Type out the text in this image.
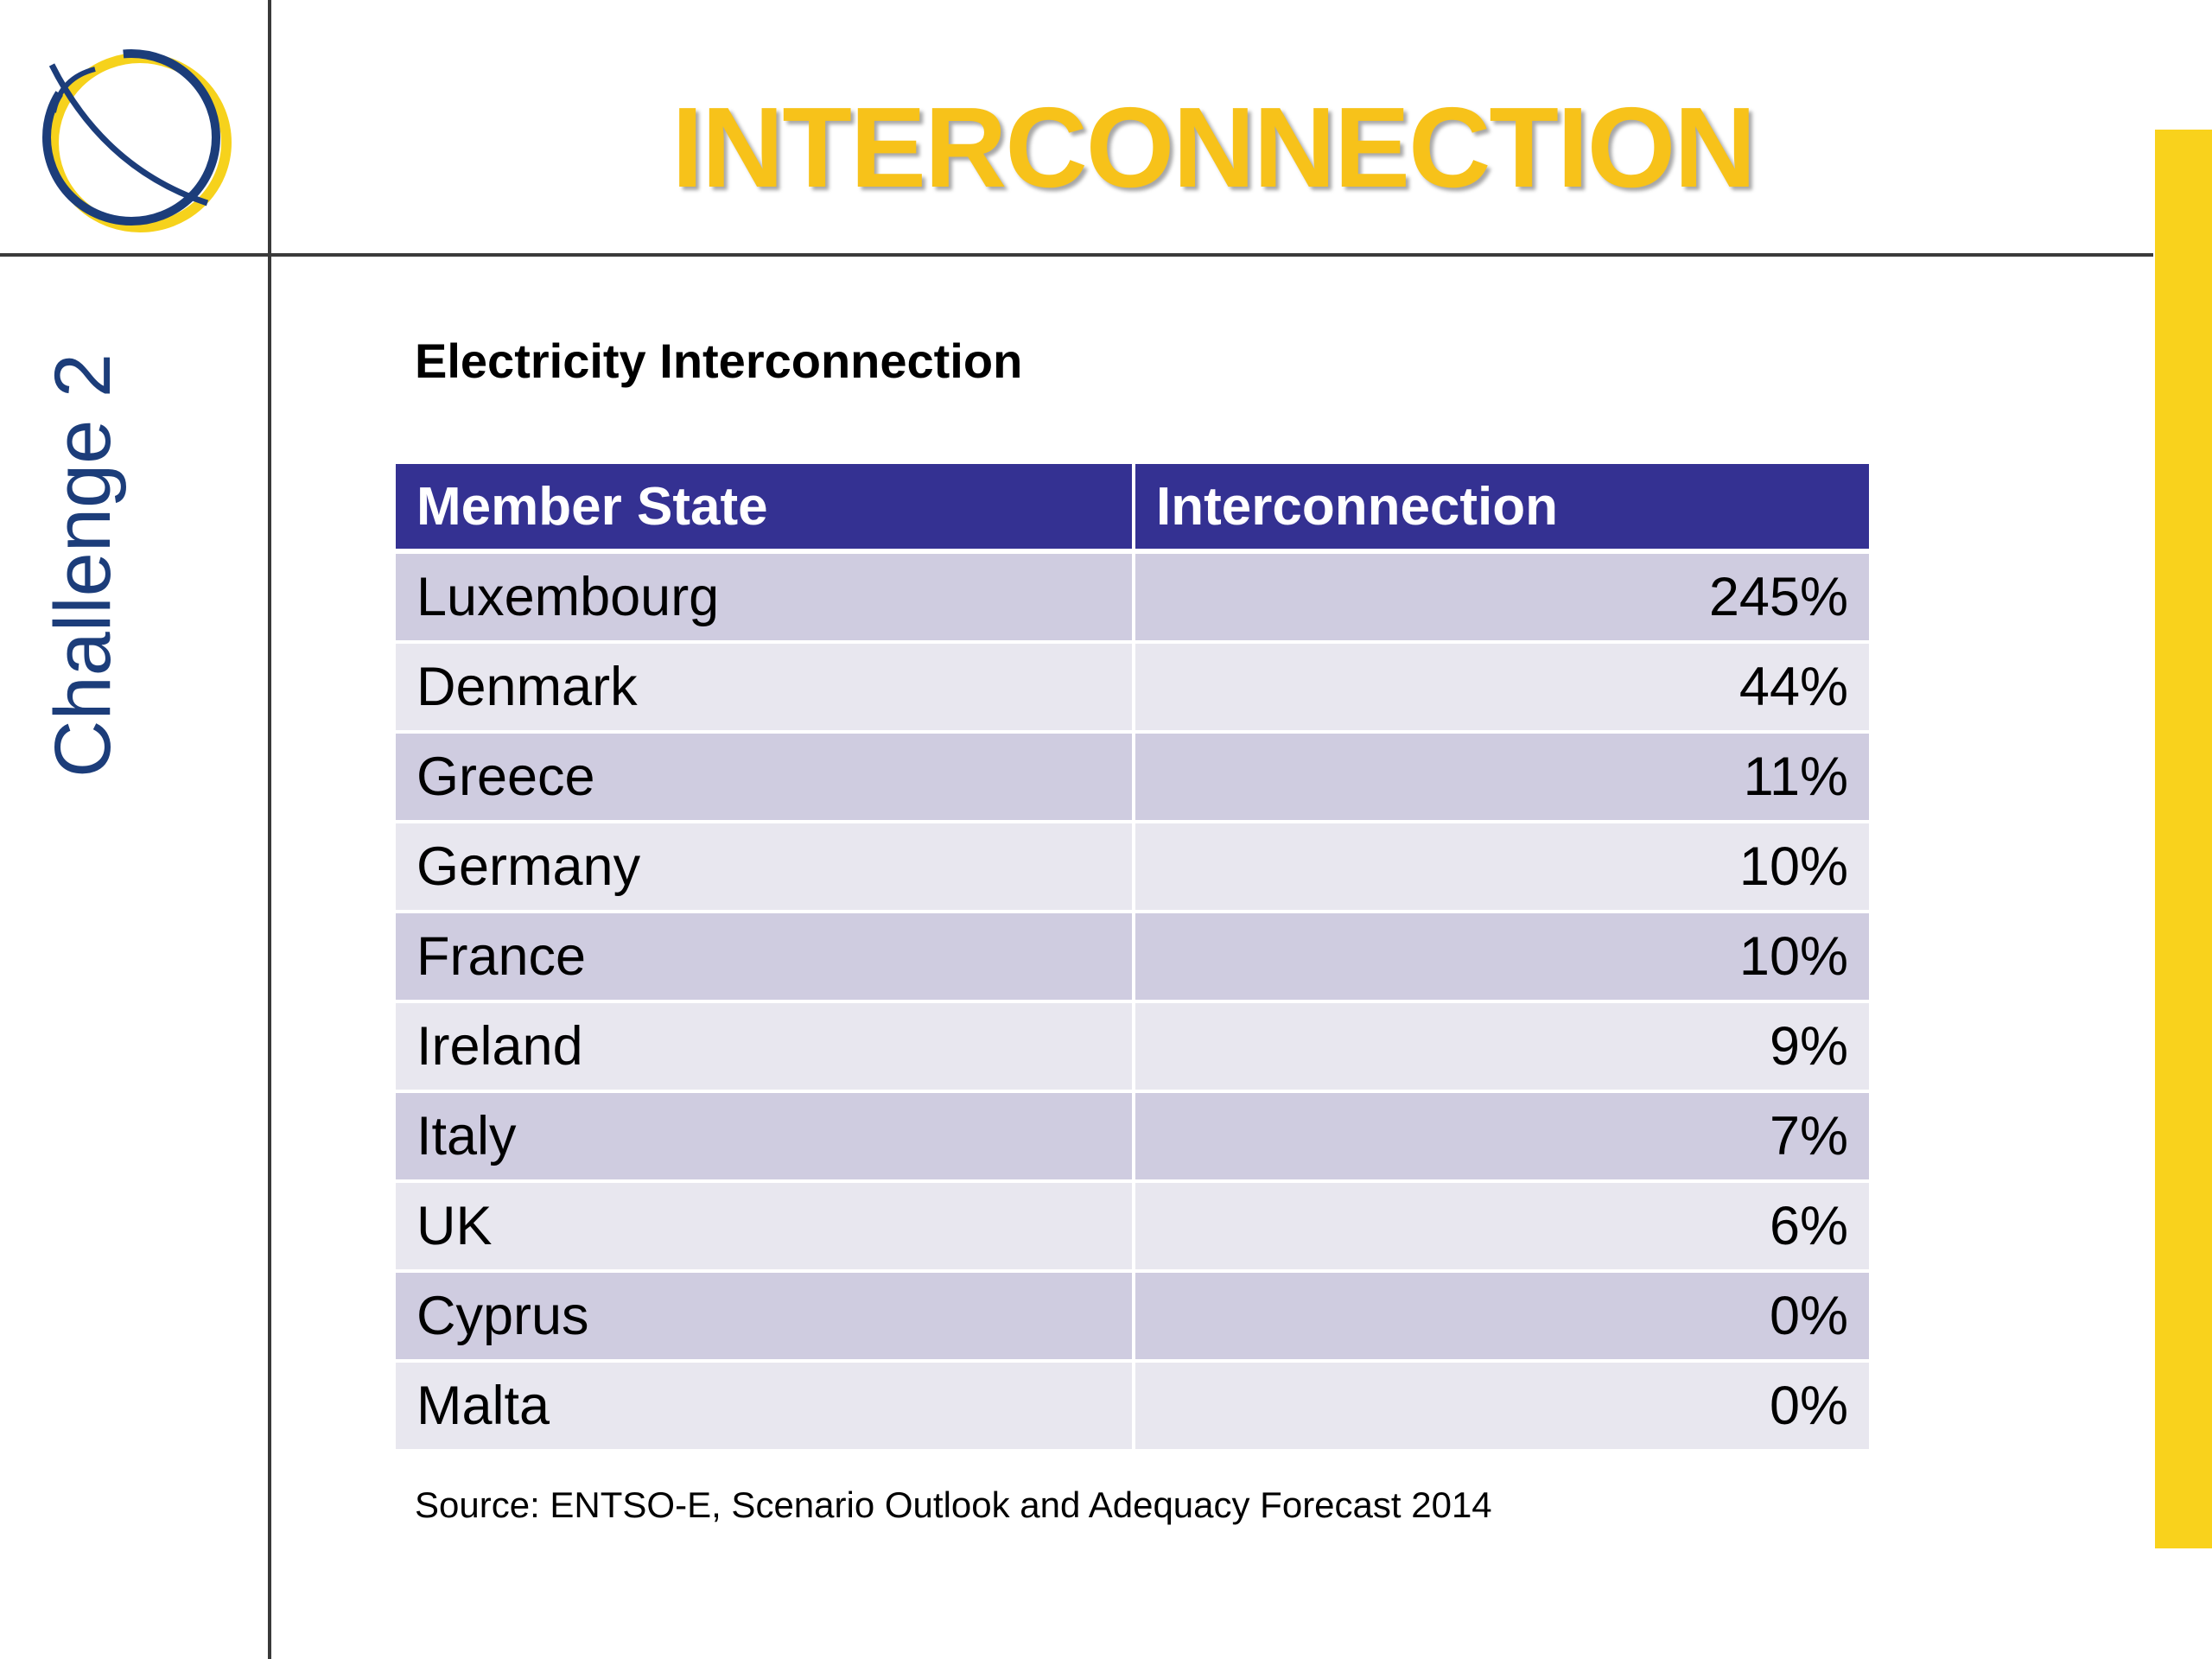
INTERCONNECTION
Challenge 2	Electricity Interconnection
Member State	Interconnection
Luxembourg	245%
Denmark	44%
Greece	11%
Germany	10%
France	10%
Ireland	9%
Italy	7%
UK	6%
Cyprus	0%
Malta	0%
Source: ENTSO-E, Scenario Outlook and Adequacy Forecast 2014
